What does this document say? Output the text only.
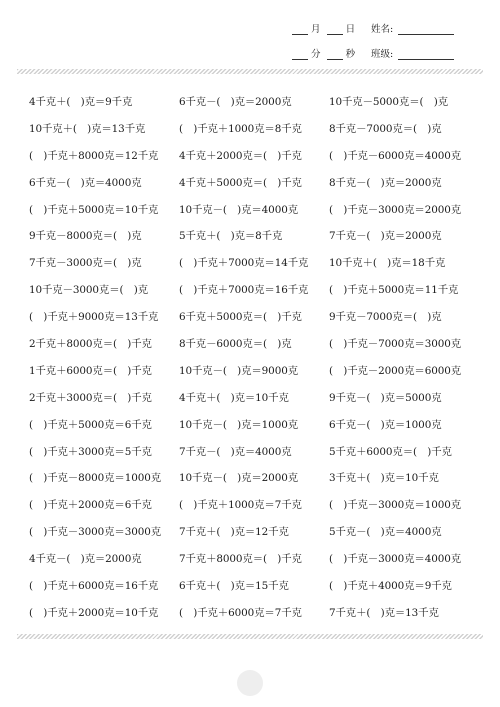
月	日 姓名:
分	秒 班级:
4千克＋(　)克＝9千克	6千克－(　)克＝2000克	10千克－5000克＝(　)克
10千克＋(　)克＝13千克	(　)千克＋1000克＝8千克	8千克－7000克＝(　)克
(　)千克＋8000克＝12千克	4千克＋2000克＝(　)千克	(　)千克－6000克＝4000克
6千克－(　)克＝4000克	4千克＋5000克＝(　)千克	8千克－(　)克＝2000克
(　)千克＋5000克＝10千克	10千克－(　)克＝4000克	(　)千克－3000克＝2000克
9千克－8000克＝(　)克	5千克＋(　)克＝8千克	7千克－(　)克＝2000克
7千克－3000克＝(　)克	(　)千克＋7000克＝14千克	10千克＋(　)克＝18千克
10千克－3000克＝(　)克	(　)千克＋7000克＝16千克	(　)千克＋5000克＝11千克
(　)千克＋9000克＝13千克	6千克＋5000克＝(　)千克	9千克－7000克＝(　)克
2千克＋8000克＝(　)千克	8千克－6000克＝(　)克	(　)千克－7000克＝3000克
1千克＋6000克＝(　)千克	10千克－(　)克＝9000克	(　)千克－2000克＝6000克
2千克＋3000克＝(　)千克	4千克＋(　)克＝10千克	9千克－(　)克＝5000克
(　)千克＋5000克＝6千克	10千克－(　)克＝1000克	6千克－(　)克＝1000克
(　)千克＋3000克＝5千克	7千克－(　)克＝4000克	5千克＋6000克＝(　)千克
(　)千克－8000克＝1000克	10千克－(　)克＝2000克	3千克＋(　)克＝10千克
(　)千克＋2000克＝6千克	(　)千克＋1000克＝7千克	(　)千克－3000克＝1000克
(　)千克－3000克＝3000克	7千克＋(　)克＝12千克	5千克－(　)克＝4000克
4千克－(　)克＝2000克	7千克＋8000克＝(　)千克	(　)千克－3000克＝4000克
(　)千克＋6000克＝16千克	6千克＋(　)克＝15千克	(　)千克＋4000克＝9千克
(　)千克＋2000克＝10千克	(　)千克＋6000克＝7千克	7千克＋(　)克＝13千克
